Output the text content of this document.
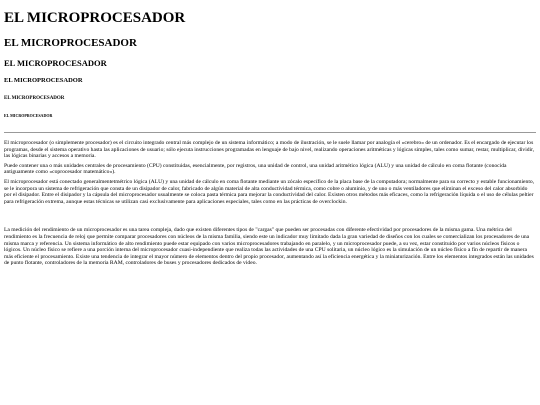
EL MICROPROCESADOR
EL MICROPROCESADOR
EL MICROPROCESADOR
EL MICROPROCESADOR
EL MICROPROCESADOR
EL MICROPROCESADOR

El microprocesador (o simplemente procesador) es el circuito integrado central más complejo de un sistema informático; a modo de ilustración, se le suele llamar por analogía el «cerebro» de un ordenador. Es el encargado de ejecutar los programas, desde el sistema operativo hasta las aplicaciones de usuario; sólo ejecuta instrucciones programadas en lenguaje de bajo nivel, realizando operaciones aritméticas y lógicas simples, tales como sumar, restar, multiplicar, dividir, las lógicas binarias y accesos a memoria.

Puede contener una o más unidades centrales de procesamiento (CPU) constituidas, esencialmente, por registros, una unidad de control, una unidad aritmético lógica (ALU) y una unidad de cálculo en coma flotante (conocida antiguamente como «coprocesador matemático»).

El microprocesador está conectado generalmentetmétrico lógica (ALU) y una unidad de cálculo en coma flotante mediante un zócalo específico de la placa base de la computadora; normalmente para su correcto y estable funcionamiento, se le incorpora un sistema de refrigeración que consta de un disipador de calor, fabricado de algún material de alta conductividad térmica, como cobre o aluminio, y de uno o más ventiladores que eliminan el exceso del calor absorbido por el disipador. Entre el disipador y la cápsula del microprocesador usualmente se coloca pasta térmica para mejorar la conductividad del calor. Existen otros métodos más eficaces, como la refrigeración líquida o el uso de células peltier para refrigeración extrema, aunque estas técnicas se utilizan casi exclusivamente para aplicaciones especiales, tales como en las prácticas de overclockin.

La medición del rendimiento de un microprocesador es una tarea compleja, dado que existen diferentes tipos de "cargas" que pueden ser procesadas con diferente efectividad por procesadores de la misma gama. Una métrica del rendimiento es la frecuencia de reloj que permite comparar procesadores con núcleos de la misma familia, siendo este un indicador muy limitado dada la gran variedad de diseños con los cuales se comercializan los procesadores de una misma marca y referencia. Un sistema informático de alto rendimiento puede estar equipado con varios microprocesadores trabajando en paralelo, y un microprocesador puede, a su vez, estar constituido por varios núcleos físicos o lógicos. Un núcleo físico se refiere a una porción interna del microprocesador cuasi-independiente que realiza todas las actividades de una CPU solitaria, un núcleo lógico es la simulación de un núcleo físico a fin de repartir de manera más eficiente el procesamiento. Existe una tendencia de integrar el mayor número de elementos dentro del propio procesador, aumentando así la eficiencia energética y la miniaturización. Entre los elementos integrados están las unidades de punto flotante, controladores de la memoria RAM, controladores de buses y procesadores dedicados de video.
